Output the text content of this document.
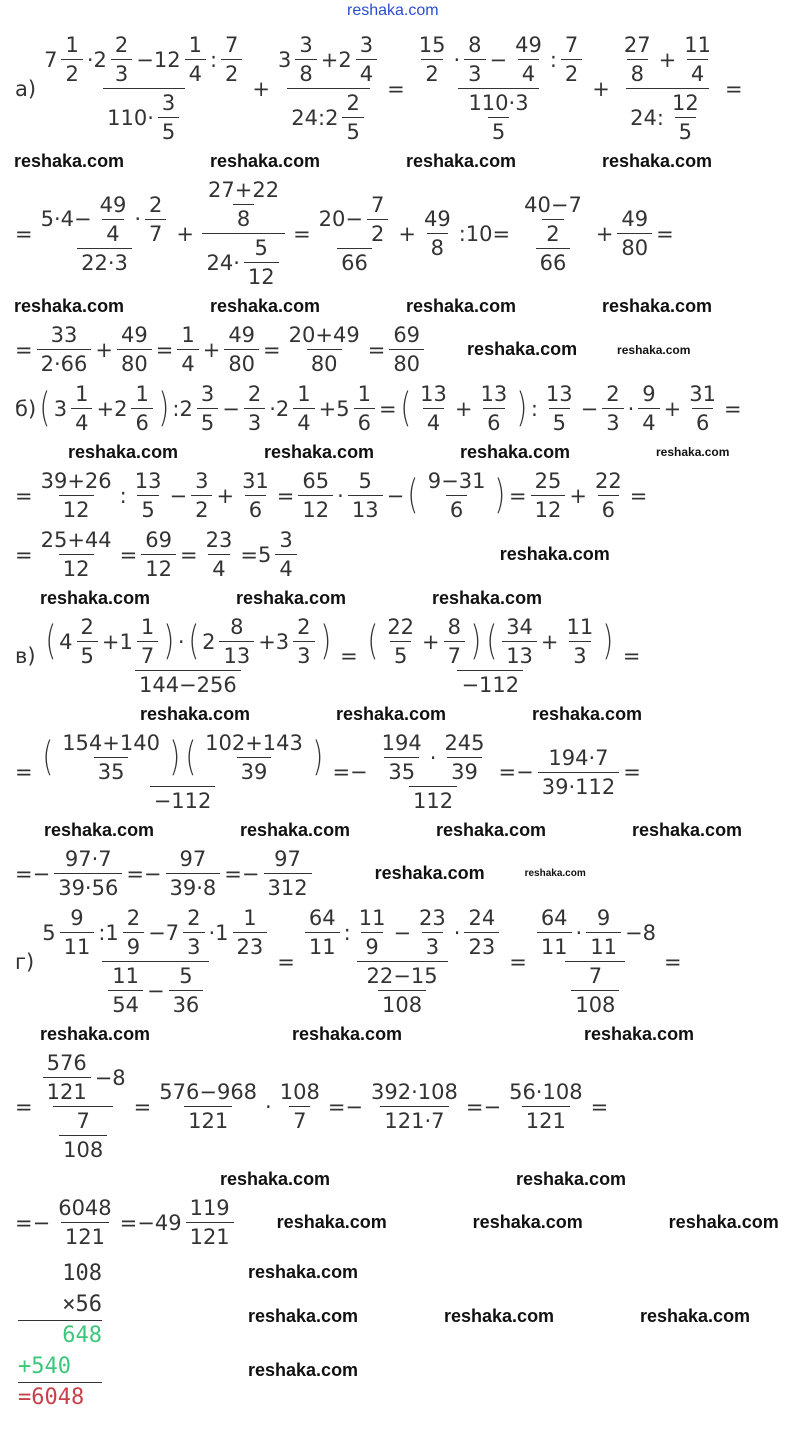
reshaka.com
$а) \frac{7 \frac{1}{2} \cdot 2 \frac{2}{3} -12 \frac{1}{4} : \frac{7}{2}}{110\cdot \frac{3}{5}} + \frac{3 \frac{3}{8} +2 \frac{3}{4}}{24:2 \frac{2}{5}} = \frac{\frac{15}{2} \cdot \frac{8}{3} - \frac{49}{4} : \frac{7}{2}}{\frac{110\cdot 3}{5}} + \frac{\frac{27}{8} + \frac{11}{4}}{24: \frac{12}{5}}$ =
reshaka.com	reshaka.com	reshaka.com	reshaka.com
= $\frac{5\cdot 4- \frac{49}{4} \cdot \frac{2}{7}}{22\cdot 3} + \frac{\frac{27+22}{8}}{24\cdot \frac{5}{12}} = \frac{20- \frac{7}{2}}{66} + \frac{49}{8}$ :10= $\frac{\frac{40-7}{2}}{66} + \frac{49}{80}$ =
reshaka.com	reshaka.com	reshaka.com	reshaka.com
= $\frac{33}{2\cdot 66} + \frac{49}{80} = \frac{1}{4} + \frac{49}{80} = \frac{20+49}{80} = \frac{69}{80}$ reshaka.com	reshaka.com
б) ( $3 \frac{1}{4} +2 \frac{1}{6}$ ) :2 $\frac{3}{5} - \frac{2}{3} \cdot 2 \frac{1}{4} +5 \frac{1}{6}$ = ( $\frac{13}{4} + \frac{13}{6}$ ) : $\frac{13}{5} - \frac{2}{3} \cdot \frac{9}{4} + \frac{31}{6}$ =
reshaka.com	reshaka.com	reshaka.com	reshaka.com
= $\frac{39+26}{12}$ : $\frac{13}{5} - \frac{3}{2} + \frac{31}{6} = \frac{65}{12} \cdot \frac{5}{13}$ − ( $\frac{9-31}{6}$ ) = $\frac{25}{12} + \frac{22}{6}$ =
= $\frac{25+44}{12} = \frac{69}{12} = \frac{23}{4} =5 \frac{3}{4}$	reshaka.com
reshaka.com	reshaka.com	reshaka.com
$в) \frac{( 4 \frac{2}{5} +1 \frac{1}{7} ) \cdot ( 2 \frac{8}{13} +3 \frac{2}{3} )}{144-256} = \frac{( \frac{22}{5} + \frac{8}{7} ) ( \frac{34}{13} + \frac{11}{3} )}{-112}$ =
reshaka.com	reshaka.com	reshaka.com
= $\frac{( \frac{154+140}{35} ) ( \frac{102+143}{39} )}{-112} =- \frac{\frac{194}{35} \cdot \frac{245}{39}}{112} =- \frac{194\cdot 7}{39\cdot 112}$ =
reshaka.com	reshaka.com	reshaka.com	reshaka.com
=− $\frac{97\cdot 7}{39\cdot 56} =- \frac{97}{39\cdot 8} =- \frac{97}{312}$	reshaka.com	reshaka.com
$г) \frac{5 \frac{9}{11} :1 \frac{2}{9} -7 \frac{2}{3} \cdot 1 \frac{1}{23}}{\frac{11}{54} - \frac{5}{36}} = \frac{\frac{64}{11} : \frac{11}{9} - \frac{23}{3} \cdot \frac{24}{23}}{\frac{22-15}{108}} = \frac{\frac{64}{11} \cdot \frac{9}{11} -8}{\frac{7}{108}}$ =
reshaka.com	reshaka.com	reshaka.com
= $\frac{\frac{576}{121} -8}{\frac{7}{108}} = \frac{576-968}{121} \cdot \frac{108}{7} =- \frac{392\cdot 108}{121\cdot 7} =- \frac{56\cdot 108}{121}$ =
reshaka.com	reshaka.com
=− $\frac{6048}{121} =-49 \frac{119}{121}$ reshaka.com	reshaka.com	reshaka.com
108
×56
648
+540
=6048
reshaka.com
reshaka.com	reshaka.com	reshaka.com
reshaka.com
